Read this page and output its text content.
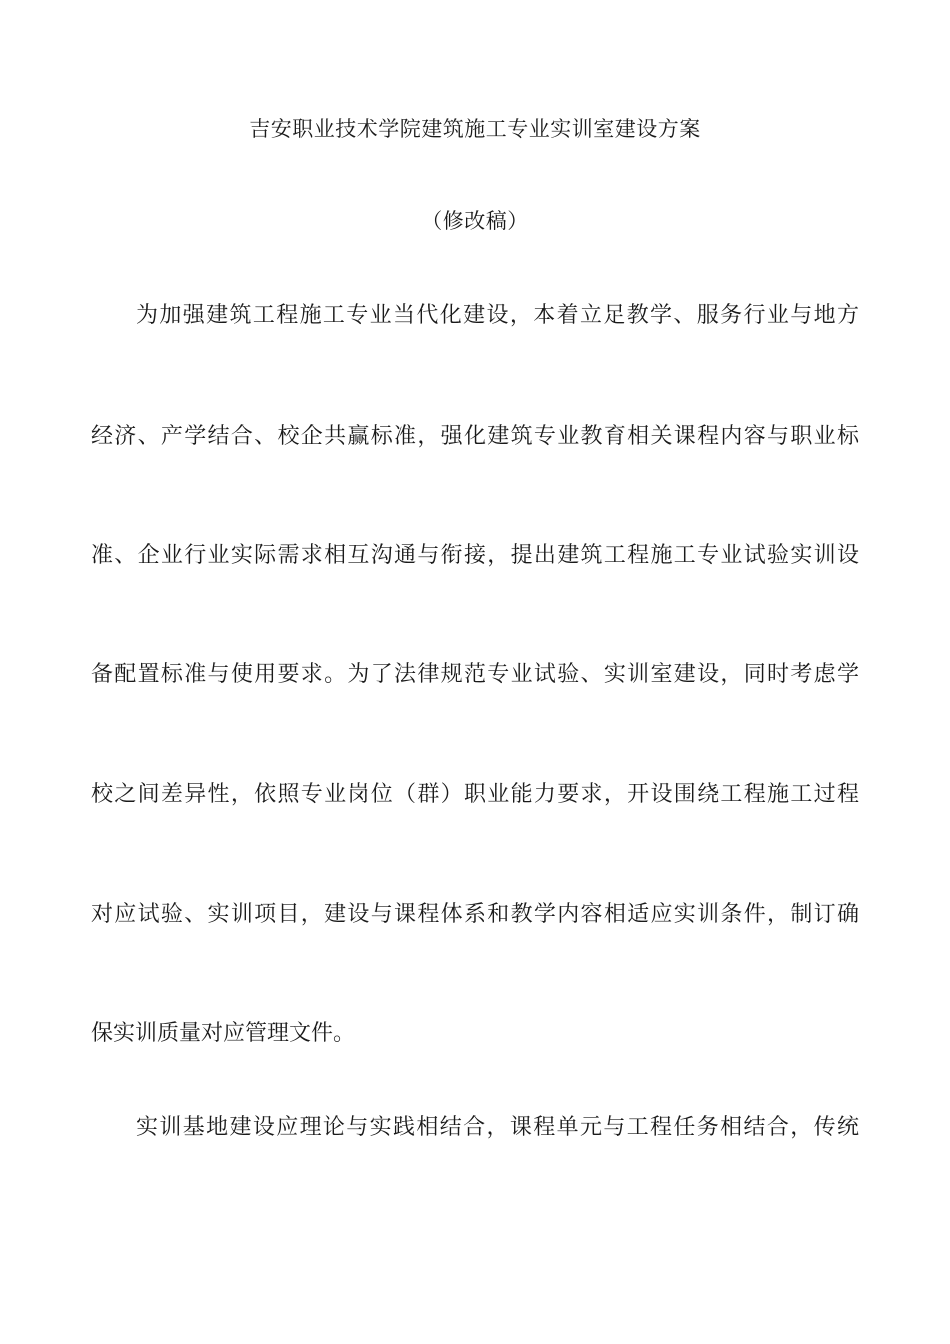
吉安职业技术学院建筑施工专业实训室建设方案
（修改稿）
为加强建筑工程施工专业当代化建设，本着立足教学、服务行业与地方
经济、产学结合、校企共赢标准，强化建筑专业教育相关课程内容与职业标
准、企业行业实际需求相互沟通与衔接，提出建筑工程施工专业试验实训设
备配置标准与使用要求。为了法律规范专业试验、实训室建设，同时考虑学
校之间差异性，依照专业岗位（群）职业能力要求，开设围绕工程施工过程
对应试验、实训项目，建设与课程体系和教学内容相适应实训条件，制订确
保实训质量对应管理文件。
实训基地建设应理论与实践相结合，课程单元与工程任务相结合，传统
